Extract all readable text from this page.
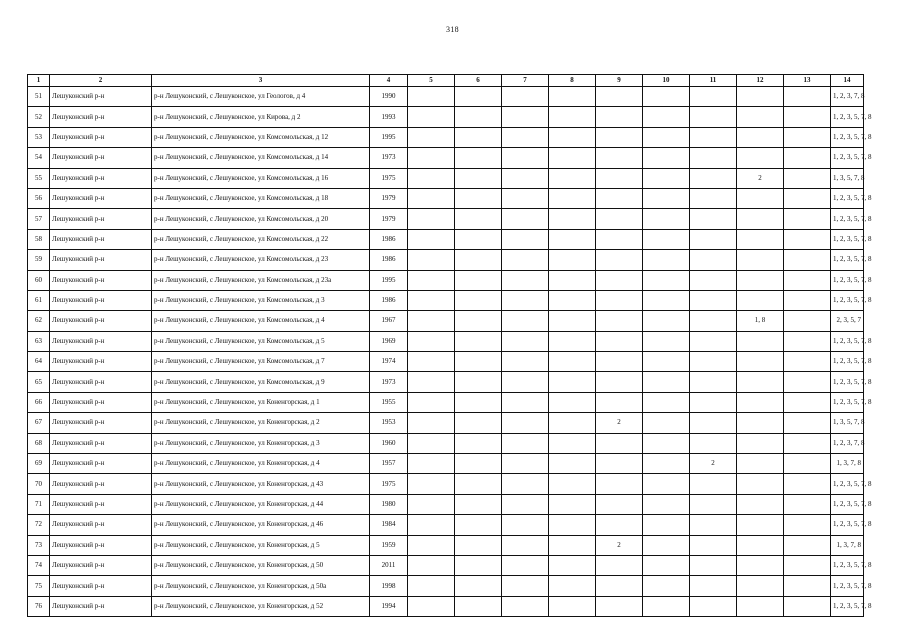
318
1	2	3	4	5	6	7	8	9	10	11	12	13	14
51	Лешуконский р-н	р-н Лешуконский, с Лешуконское, ул Геологов, д 4	1990										1, 2, 3, 7, 8
52	Лешуконский р-н	р-н Лешуконский, с Лешуконское, ул Кирова, д 2	1993										1, 2, 3, 5, 7, 8
53	Лешуконский р-н	р-н Лешуконский, с Лешуконское, ул Комсомольская, д 12	1995										1, 2, 3, 5, 7, 8
54	Лешуконский р-н	р-н Лешуконский, с Лешуконское, ул Комсомольская, д 14	1973										1, 2, 3, 5, 7, 8
55	Лешуконский р-н	р-н Лешуконский, с Лешуконское, ул Комсомольская, д 16	1975								2		1, 3, 5, 7, 8
56	Лешуконский р-н	р-н Лешуконский, с Лешуконское, ул Комсомольская, д 18	1979										1, 2, 3, 5, 7, 8
57	Лешуконский р-н	р-н Лешуконский, с Лешуконское, ул Комсомольская, д 20	1979										1, 2, 3, 5, 7, 8
58	Лешуконский р-н	р-н Лешуконский, с Лешуконское, ул Комсомольская, д 22	1986										1, 2, 3, 5, 7, 8
59	Лешуконский р-н	р-н Лешуконский, с Лешуконское, ул Комсомольская, д 23	1986										1, 2, 3, 5, 7, 8
60	Лешуконский р-н	р-н Лешуконский, с Лешуконское, ул Комсомольская, д 23а	1995										1, 2, 3, 5, 7, 8
61	Лешуконский р-н	р-н Лешуконский, с Лешуконское, ул Комсомольская, д 3	1986										1, 2, 3, 5, 7, 8
62	Лешуконский р-н	р-н Лешуконский, с Лешуконское, ул Комсомольская, д 4	1967								1, 8		2, 3, 5, 7
63	Лешуконский р-н	р-н Лешуконский, с Лешуконское, ул Комсомольская, д 5	1969										1, 2, 3, 5, 7, 8
64	Лешуконский р-н	р-н Лешуконский, с Лешуконское, ул Комсомольская, д 7	1974										1, 2, 3, 5, 7, 8
65	Лешуконский р-н	р-н Лешуконский, с Лешуконское, ул Комсомольская, д 9	1973										1, 2, 3, 5, 7, 8
66	Лешуконский р-н	р-н Лешуконский, с Лешуконское, ул Коненгорская, д 1	1955										1, 2, 3, 5, 7, 8
67	Лешуконский р-н	р-н Лешуконский, с Лешуконское, ул Коненгорская, д 2	1953					2					1, 3, 5, 7, 8
68	Лешуконский р-н	р-н Лешуконский, с Лешуконское, ул Коненгорская, д 3	1960										1, 2, 3, 7, 8
69	Лешуконский р-н	р-н Лешуконский, с Лешуконское, ул Коненгорская, д 4	1957							2			1, 3, 7, 8
70	Лешуконский р-н	р-н Лешуконский, с Лешуконское, ул Коненгорская, д 43	1975										1, 2, 3, 5, 7, 8
71	Лешуконский р-н	р-н Лешуконский, с Лешуконское, ул Коненгорская, д 44	1980										1, 2, 3, 5, 7, 8
72	Лешуконский р-н	р-н Лешуконский, с Лешуконское, ул Коненгорская, д 46	1984										1, 2, 3, 5, 7, 8
73	Лешуконский р-н	р-н Лешуконский, с Лешуконское, ул Коненгорская, д 5	1959					2					1, 3, 7, 8
74	Лешуконский р-н	р-н Лешуконский, с Лешуконское, ул Коненгорская, д 50	2011										1, 2, 3, 5, 7, 8
75	Лешуконский р-н	р-н Лешуконский, с Лешуконское, ул Коненгорская, д 50а	1998										1, 2, 3, 5, 7, 8
76	Лешуконский р-н	р-н Лешуконский, с Лешуконское, ул Коненгорская, д 52	1994										1, 2, 3, 5, 7, 8
